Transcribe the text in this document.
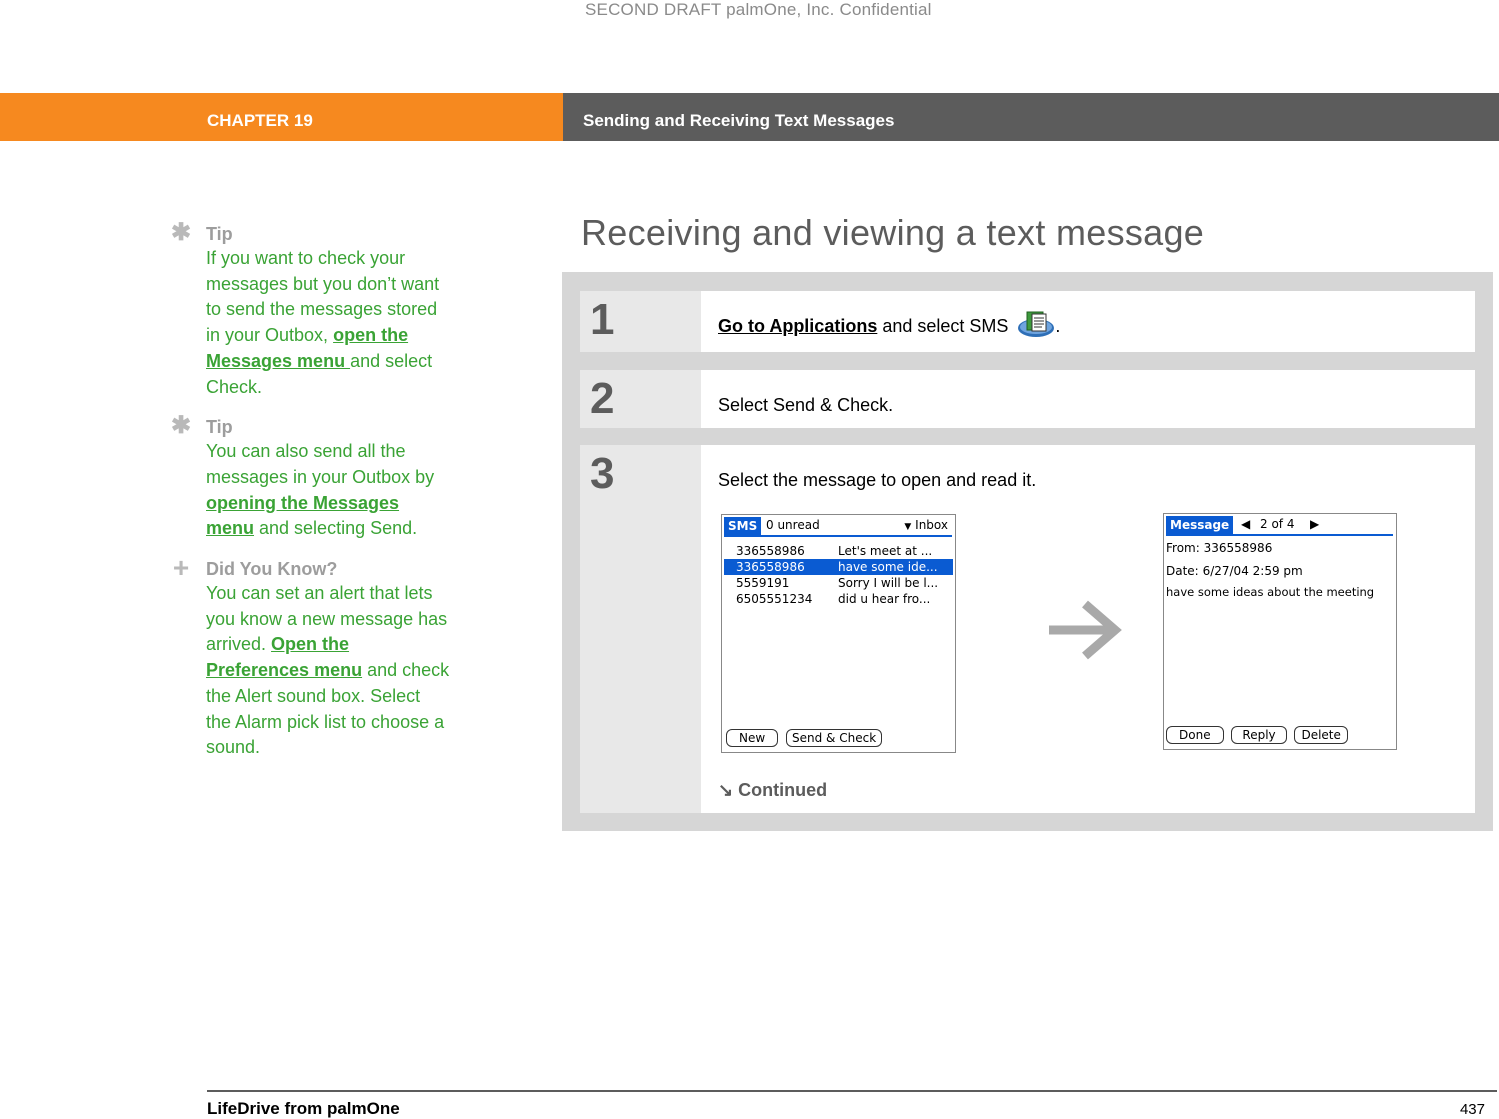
SECOND DRAFT palmOne, Inc. Confidential
CHAPTER 19	Sending and Receiving Text Messages
✱ Tip
If you want to check your messages but you don’t want to send the messages stored in your Outbox, open the Messages menu and select Check.
✱ Tip
You can also send all the messages in your Outbox by opening the Messages menu and selecting Send.
+ Did You Know?
You can set an alert that lets you know a new message has arrived. Open the Preferences menu and check the Alert sound box. Select the Alarm pick list to choose a sound.
Receiving and viewing a text message
1	Go to Applications and select SMS .
2	Select Send & Check.
3	Select the message to open and read it.
SMS 0 unread	▼ Inbox
336558986	Let's meet at ...
336558986	have some ide...
5559191	Sorry I will be l...
6505551234 did u hear fro...
New Send & Check
Message ◀ 2 of 4 ▶
From: 336558986
Date: 6/27/04 2:59 pm
have some ideas about the meeting
Done	Reply Delete
↘ Continued
LifeDrive from palmOne	437
